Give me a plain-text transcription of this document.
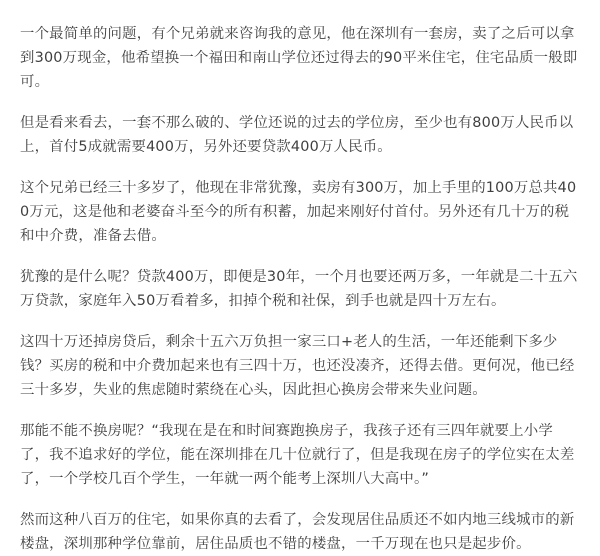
一个最简单的问题，有个兄弟就来咨询我的意见，他在深圳有一套房，卖了之后可以拿到300万现金，他希望换一个福田和南山学位还过得去的90平米住宅，住宅品质一般即可。

但是看来看去，一套不那么破的、学位还说的过去的学位房，至少也有800万人民币以上，首付5成就需要400万，另外还要贷款400万人民币。

这个兄弟已经三十多岁了，他现在非常犹豫，卖房有300万，加上手里的100万总共400万元，这是他和老婆奋斗至今的所有积蓄，加起来刚好付首付。另外还有几十万的税和中介费，准备去借。

犹豫的是什么呢？贷款400万，即便是30年，一个月也要还两万多，一年就是二十五六万贷款，家庭年入50万看着多，扣掉个税和社保，到手也就是四十万左右。

这四十万还掉房贷后，剩余十五六万负担一家三口+老人的生活，一年还能剩下多少钱？买房的税和中介费加起来也有三四十万，也还没凑齐，还得去借。更何况，他已经三十多岁，失业的焦虑随时萦绕在心头，因此担心换房会带来失业问题。

那能不能不换房呢？“我现在是在和时间赛跑换房子，我孩子还有三四年就要上小学了，我不追求好的学位，能在深圳排在几十位就行了，但是我现在房子的学位实在太差了，一个学校几百个学生，一年就一两个能考上深圳八大高中。”

然而这种八百万的住宅，如果你真的去看了，会发现居住品质还不如内地三线城市的新楼盘，深圳那种学位靠前，居住品质也不错的楼盘，一千万现在也只是起步价。
